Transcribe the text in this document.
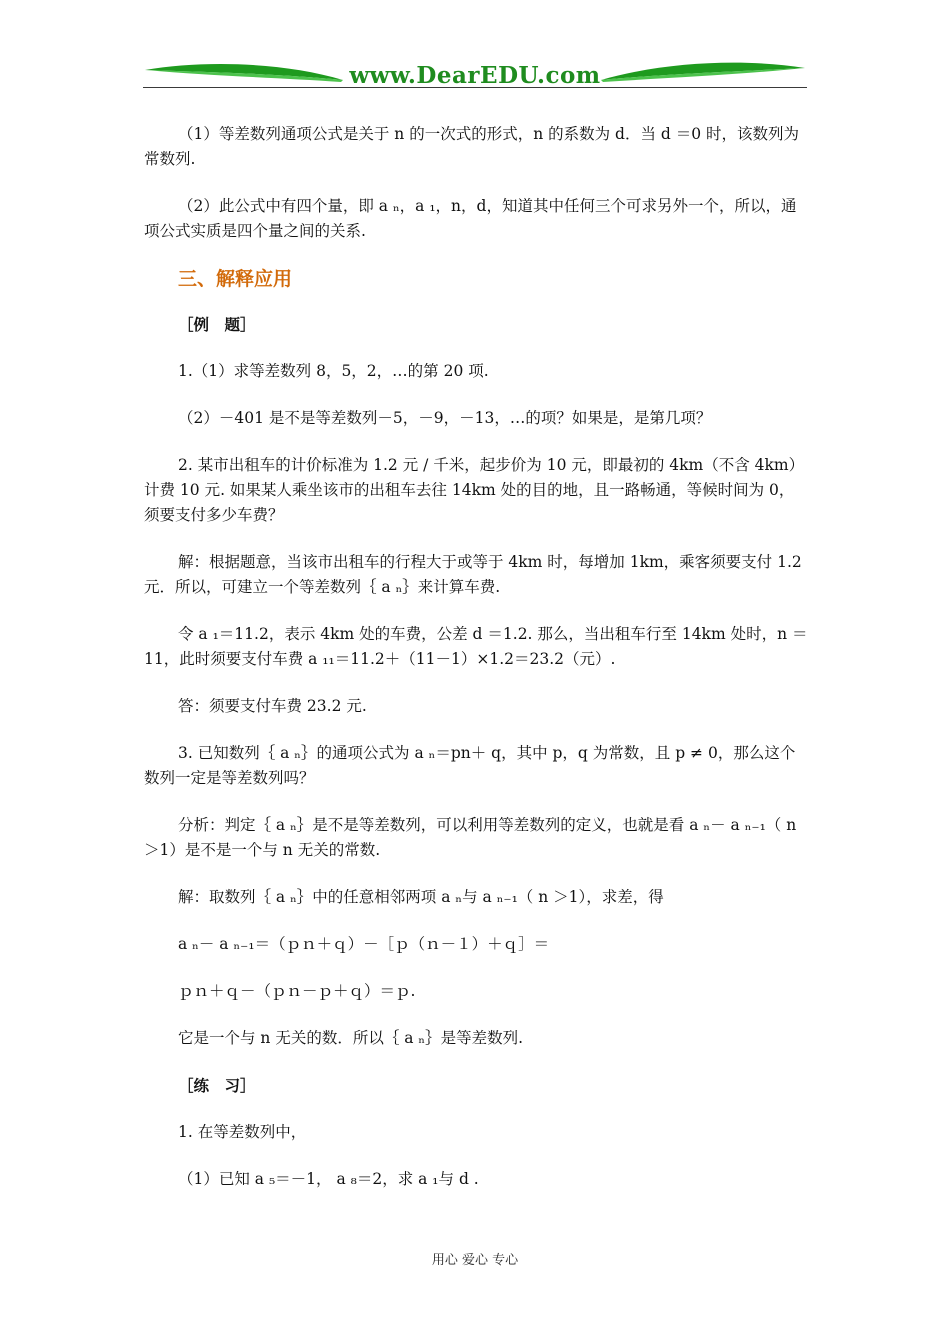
www.DearEDU.com

（1）等差数列通项公式是关于 n 的一次式的形式，n 的系数为 d．当 d ＝0 时，该数列为常数列.

（2）此公式中有四个量，即 a ₙ，a ₁，n，d，知道其中任何三个可求另外一个，所以，通项公式实质是四个量之间的关系.

三、解释应用

［例　题］

1.（1）求等差数列 8，5，2，…的第 20 项.

（2）－401 是不是等差数列－5，－9，－13，…的项？如果是，是第几项？

2. 某市出租车的计价标准为 1.2 元 / 千米，起步价为 10 元，即最初的 4km（不含 4km）计费 10 元. 如果某人乘坐该市的出租车去往 14km 处的目的地，且一路畅通，等候时间为 0，须要支付多少车费？

解：根据题意，当该市出租车的行程大于或等于 4km 时，每增加 1km，乘客须要支付 1.2 元．所以，可建立一个等差数列｛ a ₙ｝来计算车费.

令 a ₁＝11.2，表示 4km 处的车费，公差 d ＝1.2. 那么，当出租车行至 14km 处时，n ＝11，此时须要支付车费 a ₁₁＝11.2＋（11－1）×1.2＝23.2（元）.

答：须要支付车费 23.2 元.

3. 已知数列｛ a ₙ｝的通项公式为 a ₙ＝pn＋ q，其中 p，q 为常数，且 p ≠ 0，那么这个数列一定是等差数列吗？

分析：判定｛ a ₙ｝是不是等差数列，可以利用等差数列的定义，也就是看 a ₙ－ a ₙ₋₁（ n ＞1）是不是一个与 n 无关的常数.

解：取数列｛ a ₙ｝中的任意相邻两项 a ₙ与 a ₙ₋₁（ n ＞1），求差，得

a ₙ－ a ₙ₋₁＝（ｐｎ＋ｑ）－［ｐ（ｎ－１）＋ｑ］＝

ｐｎ＋ｑ－（ｐｎ－ｐ＋ｑ）＝ｐ.

它是一个与 n 无关的数．所以｛ a ₙ｝是等差数列.

［练　习］

1. 在等差数列中，

（1）已知 a ₅＝－1， a ₈＝2，求 a ₁与 d .

用心 爱心 专心
